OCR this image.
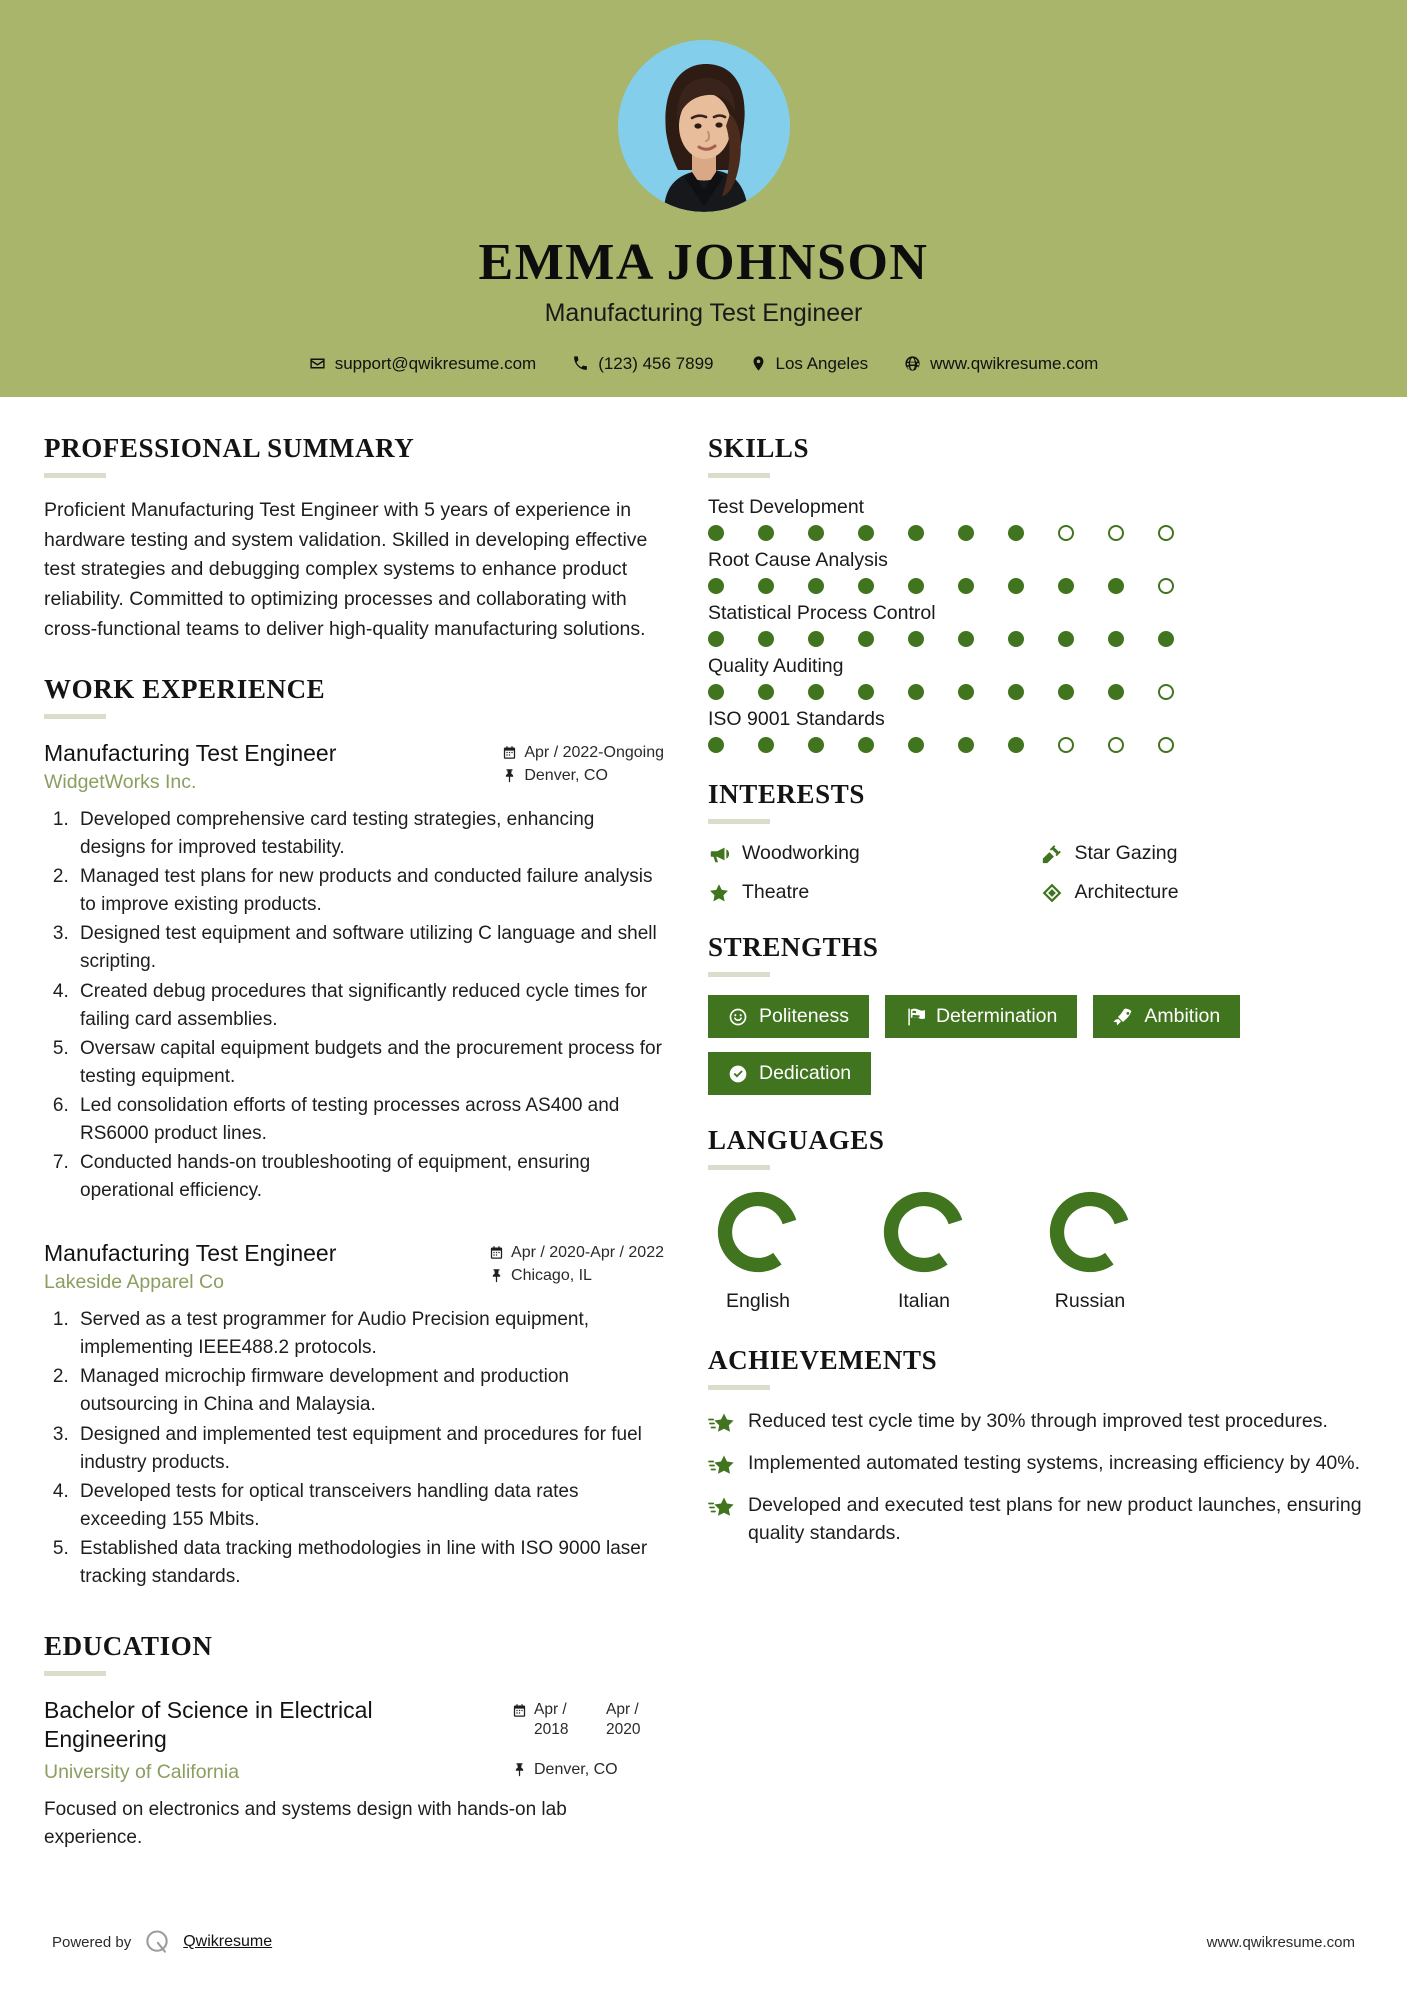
EMMA JOHNSON
Manufacturing Test Engineer
support@qwikresume.com	(123) 456 7899	Los Angeles	www.qwikresume.com
PROFESSIONAL SUMMARY
Proficient Manufacturing Test Engineer with 5 years of experience in hardware testing and system validation. Skilled in developing effective test strategies and debugging complex systems to enhance product reliability. Committed to optimizing processes and collaborating with cross-functional teams to deliver high-quality manufacturing solutions.
WORK EXPERIENCE
Manufacturing Test Engineer
WidgetWorks Inc.
Apr / 2022-Ongoing
Denver, CO
1. Developed comprehensive card testing strategies, enhancing designs for improved testability.
2. Managed test plans for new products and conducted failure analysis to improve existing products.
3. Designed test equipment and software utilizing C language and shell scripting.
4. Created debug procedures that significantly reduced cycle times for failing card assemblies.
5. Oversaw capital equipment budgets and the procurement process for testing equipment.
6. Led consolidation efforts of testing processes across AS400 and RS6000 product lines.
7. Conducted hands-on troubleshooting of equipment, ensuring operational efficiency.
Manufacturing Test Engineer
Lakeside Apparel Co
Apr / 2020-Apr / 2022
Chicago, IL
1. Served as a test programmer for Audio Precision equipment, implementing IEEE488.2 protocols.
2. Managed microchip firmware development and production outsourcing in China and Malaysia.
3. Designed and implemented test equipment and procedures for fuel industry products.
4. Developed tests for optical transceivers handling data rates exceeding 155 Mbits.
5. Established data tracking methodologies in line with ISO 9000 laser tracking standards.
EDUCATION
Bachelor of Science in Electrical Engineering
University of California
Apr / 2018
Apr / 2020
Denver, CO
Focused on electronics and systems design with hands-on lab experience.
SKILLS
Test Development
Root Cause Analysis
Statistical Process Control
Quality Auditing
ISO 9001 Standards
INTERESTS
Woodworking	Star Gazing
Theatre	Architecture
STRENGTHS
Politeness	Determination	Ambition
Dedication
LANGUAGES
English	Italian	Russian
ACHIEVEMENTS
Reduced test cycle time by 30% through improved test procedures.
Implemented automated testing systems, increasing efficiency by 40%.
Developed and executed test plans for new product launches, ensuring quality standards.
Powered by	Qwikresume	www.qwikresume.com
